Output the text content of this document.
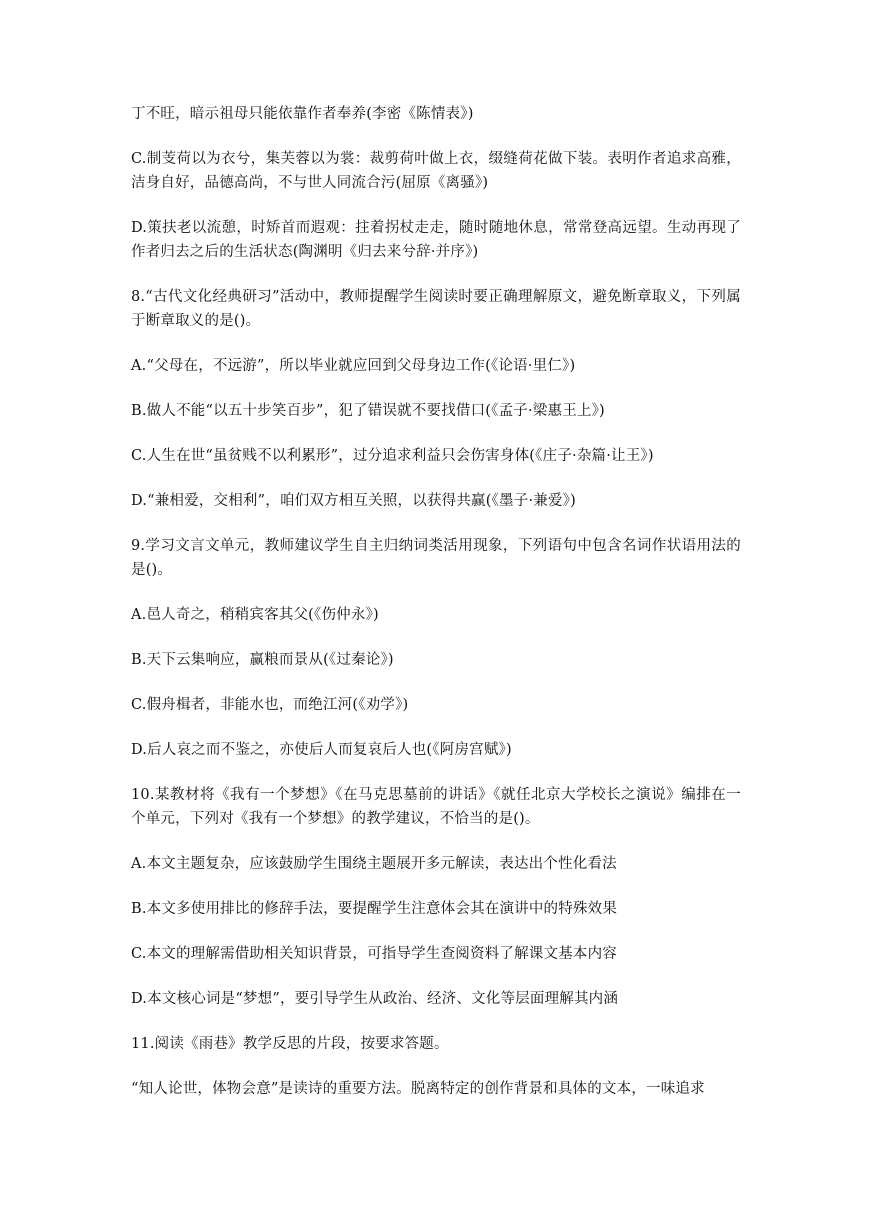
丁不旺，暗示祖母只能依靠作者奉养(李密《陈情表》)

C.制芰荷以为衣兮，集芙蓉以为裳：裁剪荷叶做上衣，缀缝荷花做下装。表明作者追求高雅，洁身自好，品德高尚，不与世人同流合污(屈原《离骚》)

D.策扶老以流憩，时矫首而遐观：拄着拐杖走走，随时随地休息，常常登高远望。生动再现了作者归去之后的生活状态(陶渊明《归去来兮辞·并序》)

8.“古代文化经典研习”活动中，教师提醒学生阅读时要正确理解原文，避免断章取义，下列属于断章取义的是()。

A.“父母在，不远游”，所以毕业就应回到父母身边工作(《论语·里仁》)

B.做人不能“以五十步笑百步”，犯了错误就不要找借口(《孟子·梁惠王上》)

C.人生在世“虽贫贱不以利累形”，过分追求利益只会伤害身体(《庄子·杂篇·让王》)

D.“兼相爱，交相利”，咱们双方相互关照，以获得共赢(《墨子·兼爱》)

9.学习文言文单元，教师建议学生自主归纳词类活用现象，下列语句中包含名词作状语用法的是()。

A.邑人奇之，稍稍宾客其父(《伤仲永》)

B.天下云集响应，赢粮而景从(《过秦论》)

C.假舟楫者，非能水也，而绝江河(《劝学》)

D.后人哀之而不鉴之，亦使后人而复哀后人也(《阿房宫赋》)

10.某教材将《我有一个梦想》《在马克思墓前的讲话》《就任北京大学校长之演说》编排在一个单元，下列对《我有一个梦想》的教学建议，不恰当的是()。

A.本文主题复杂，应该鼓励学生围绕主题展开多元解读，表达出个性化看法

B.本文多使用排比的修辞手法，要提醒学生注意体会其在演讲中的特殊效果

C.本文的理解需借助相关知识背景，可指导学生查阅资料了解课文基本内容

D.本文核心词是“梦想”，要引导学生从政治、经济、文化等层面理解其内涵

11.阅读《雨巷》教学反思的片段，按要求答题。

“知人论世，体物会意”是读诗的重要方法。脱离特定的创作背景和具体的文本，一味追求
